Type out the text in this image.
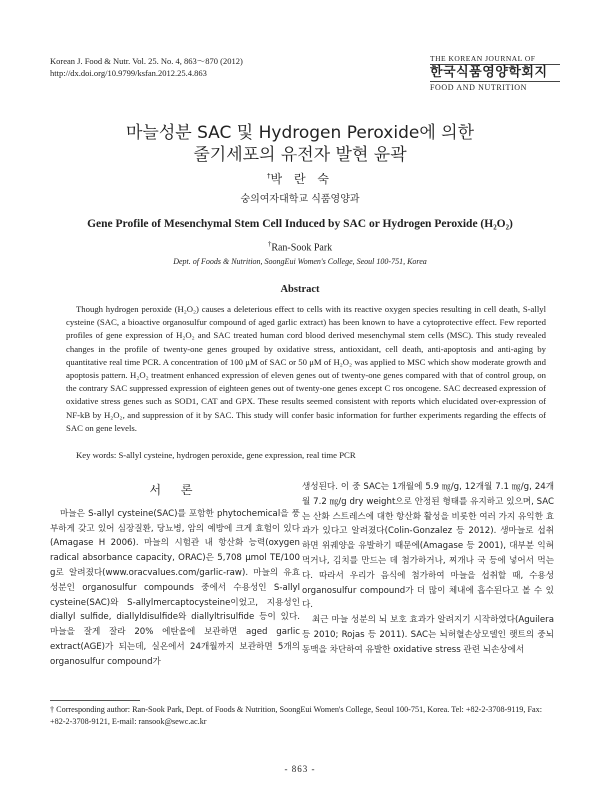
Korean J. Food & Nutr. Vol. 25. No. 4, 863～870 (2012)
http://dx.doi.org/10.9799/ksfan.2012.25.4.863
THE KOREAN JOURNAL OF
한국식품영양학회지
FOOD AND NUTRITION
마늘성분 SAC 및 Hydrogen Peroxide에 의한
줄기세포의 유전자 발현 윤곽
†박 란 숙
숭의여자대학교 식품영양과
Gene Profile of Mesenchymal Stem Cell Induced by SAC or Hydrogen Peroxide (H₂O₂)
†Ran-Sook Park
Dept. of Foods & Nutrition, SoongEui Women's College, Seoul 100-751, Korea
Abstract

Though hydrogen peroxide (H₂O₂) causes a deleterious effect to cells with its reactive oxygen species resulting in cell death, S-allyl cysteine (SAC, a bioactive organosulfur compound of aged garlic extract) has been known to have a cytoprotective effect. Few reported profiles of gene expression of H₂O₂ and SAC treated human cord blood derived mesenchymal stem cells (MSC). This study revealed changes in the profile of twenty-one genes grouped by oxidative stress, antioxidant, cell death, anti-apoptosis and anti-aging by quantitative real time PCR. A concentration of 100 μM of SAC or 50 μM of H₂O₂ was applied to MSC which show moderate growth and apoptosis pattern. H₂O₂ treatment enhanced expression of eleven genes out of twenty-one genes compared with that of control group, on the contrary SAC suppressed expression of eighteen genes out of twenty-one genes except C ros oncogene. SAC decreased expression of oxidative stress genes such as SOD1, CAT and GPX. These results seemed consistent with reports which elucidated over-expression of NF-kB by H₂O₂, and suppression of it by SAC. This study will confer basic information for further experiments regarding the effects of SAC on gene levels.

Key words: S-allyl cysteine, hydrogen peroxide, gene expression, real time PCR

서 론

마늘은 S-allyl cysteine(SAC)를 포함한 phytochemical을 풍부하게 갖고 있어 심장질환, 당뇨병, 암의 예방에 크게 효험이 있다(Amagase H 2006). 마늘의 시험관 내 항산화 능력(oxygen radical absorbance capacity, ORAC)은 5,708 μmol TE/100 g로 알려졌다(www.oracvalues.com/garlic-raw). 마늘의 유효 성분인 organosulfur compounds 중에서 수용성인 S-allyl cysteine(SAC)와 S-allylmercaptocysteine이었고, 지용성인 diallyl sulfide, diallyldisulfide와 diallyltrisulfide 등이 있다. 마늘을 잘게 잘라 20% 에탄올에 보관하면 aged garlic extract(AGE)가 되는데, 실온에서 24개월까지 보관하면 5개의 organosulfur compound가

생성된다. 이 중 SAC는 1개월에 5.9 ㎎/g, 12개월 7.1 ㎎/g, 24개월 7.2 ㎎/g dry weight으로 안정된 형태를 유지하고 있으며, SAC는 산화 스트레스에 대한 항산화 활성을 비롯한 여러 가지 유익한 효과가 있다고 알려졌다(Colin-Gonzalez 등 2012). 생마늘로 섭취하면 위궤양을 유발하기 때문에(Amagase 등 2001), 대부분 익혀 먹거나, 김치를 만드는 데 첨가하거나, 찌개나 국 등에 넣어서 먹는다. 따라서 우리가 음식에 첨가하여 마늘을 섭취할 때, 수용성 organosulfur compound가 더 많이 체내에 흡수된다고 볼 수 있다.

최근 마늘 성분의 뇌 보호 효과가 알려지기 시작하였다(Aguilera 등 2010; Rojas 등 2011). SAC는 뇌허혈손상모델인 랫트의 중뇌동맥을 차단하여 유발한 oxidative stress 관련 뇌손상에서

† Corresponding author: Ran-Sook Park, Dept. of Foods & Nutrition, SoongEui Women's College, Seoul 100-751, Korea. Tel: +82-2-3708-9119, Fax: +82-2-3708-9121, E-mail: ransook@sewc.ac.kr
- 863 -
